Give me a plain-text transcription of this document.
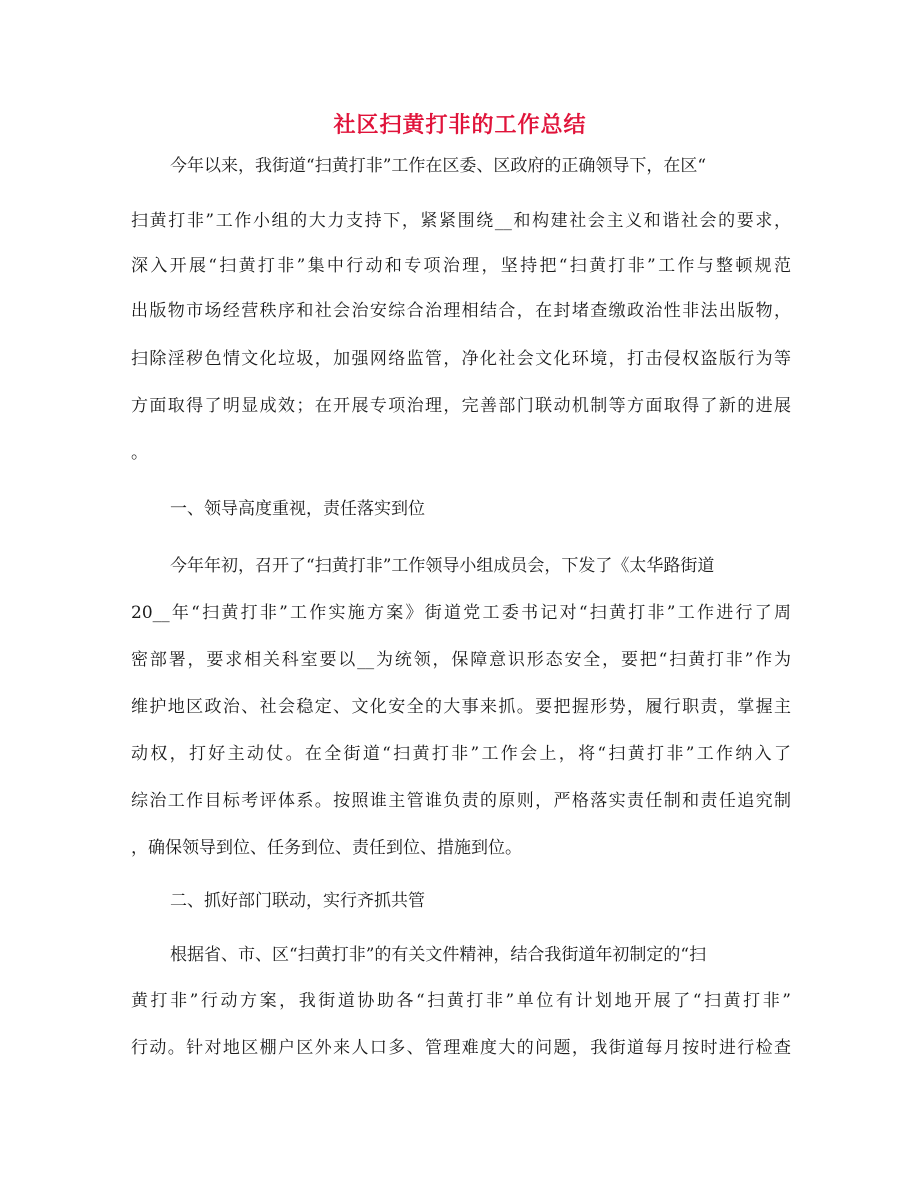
社区扫黄打非的工作总结

今年以来，我街道“扫黄打非”工作在区委、区政府的正确领导下，在区“

扫黄打非”工作小组的大力支持下，紧紧围绕__和构建社会主义和谐社会的要求，

深入开展“扫黄打非”集中行动和专项治理，坚持把“扫黄打非”工作与整顿规范

出版物市场经营秩序和社会治安综合治理相结合，在封堵查缴政治性非法出版物，

扫除淫秽色情文化垃圾，加强网络监管，净化社会文化环境，打击侵权盗版行为等

方面取得了明显成效；在开展专项治理，完善部门联动机制等方面取得了新的进展

。

一、领导高度重视，责任落实到位

今年年初，召开了“扫黄打非”工作领导小组成员会，下发了《太华路街道

20__年“扫黄打非”工作实施方案》街道党工委书记对“扫黄打非”工作进行了周

密部署，要求相关科室要以__为统领，保障意识形态安全，要把“扫黄打非”作为

维护地区政治、社会稳定、文化安全的大事来抓。要把握形势，履行职责，掌握主

动权，打好主动仗。在全街道“扫黄打非”工作会上，将“扫黄打非”工作纳入了

综治工作目标考评体系。按照谁主管谁负责的原则，严格落实责任制和责任追究制

，确保领导到位、任务到位、责任到位、措施到位。

二、抓好部门联动，实行齐抓共管

根据省、市、区“扫黄打非”的有关文件精神，结合我街道年初制定的“扫

黄打非”行动方案，我街道协助各“扫黄打非”单位有计划地开展了“扫黄打非”

行动。针对地区棚户区外来人口多、管理难度大的问题，我街道每月按时进行检查
